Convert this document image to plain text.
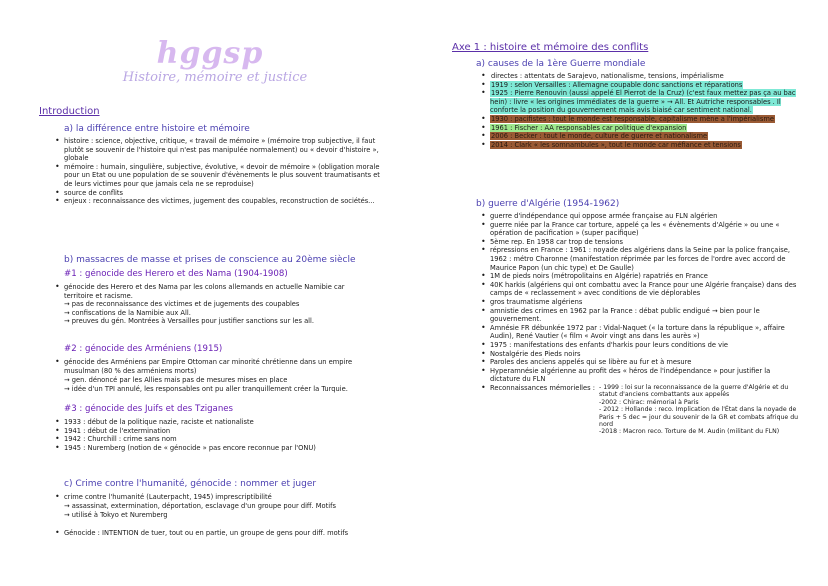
hggsp
Histoire, mémoire et justice
Introduction
a) la différence entre histoire et mémoire
• histoire : science, objective, critique, « travail de mémoire » (mémoire trop subjective, il faut plutôt se souvenir de l'histoire qui n'est pas manipulée normalement) ou « devoir d'histoire », globale
• mémoire : humain, singulière, subjective, évolutive, « devoir de mémoire » (obligation morale pour un Etat ou une population de se souvenir d'évènements le plus souvent traumatisants et de leurs victimes pour que jamais cela ne se reproduise)
• source de conflits
• enjeux : reconnaissance des victimes, jugement des coupables, reconstruction de sociétés...
b) massacres de masse et prises de conscience au 20ème siècle
#1 : génocide des Herero et des Nama (1904-1908)
• génocide des Herero et des Nama par les colons allemands en actuelle Namibie car territoire et racisme.
→ pas de reconnaissance des victimes et de jugements des coupables
→ confiscations de la Namibie aux All.
→ preuves du gén. Montrées à Versailles pour justifier sanctions sur les all.
#2 : génocide des Arméniens (1915)
• génocide des Arméniens par Empire Ottoman car minorité chrétienne dans un empire musulman (80 % des arméniens morts)
→ gen. dénoncé par les Allies mais pas de mesures mises en place
→ idée d'un TPI annulé, les responsables ont pu aller tranquillement créer la Turquie.
#3 : génocide des Juifs et des Tziganes
• 1933 : début de la politique nazie, raciste et nationaliste
• 1941 : début de l'extermination
• 1942 : Churchill : crime sans nom
• 1945 : Nuremberg (notion de « génocide » pas encore reconnue par l'ONU)
c) Crime contre l'humanité, génocide : nommer et juger
• crime contre l'humanité (Lauterpacht, 1945) imprescriptibilité
→ assassinat, extermination, déportation, esclavage d'un groupe pour diff. Motifs
→ utilisé à Tokyo et Nuremberg
• Génocide : INTENTION de tuer, tout ou en partie, un groupe de gens pour diff. motifs
Axe 1 : histoire et mémoire des conflits
a) causes de la 1ère Guerre mondiale
• directes : attentats de Sarajevo, nationalisme, tensions, impérialisme
• 1919 : selon Versailles : Allemagne coupable donc sanctions et réparations
• 1925 : Pierre Renouvin (aussi appelé El Pierrot de la Cruz) (c'est faux mettez pas ça au bac hein) : livre « les origines immédiates de la guerre » → All. Et Autriche responsables . Il conforte la position du gouvernement mais avis biaisé car sentiment national.
• 1930 : pacifistes : tout le monde est responsable, capitalisme mène a l'impérialisme
• 1961 : Fischer : AA responsables car politique d'expansion
• 2006 : Becker : tout le monde, culture de guerre et nationalisme
• 2014 : Clark « les somnambules », tout le monde car méfiance et tensions
b) guerre d'Algérie (1954-1962)
• guerre d'indépendance qui oppose armée française au FLN algérien
• guerre niée par la France car torture, appelé ça les « évènements d'Algérie » ou une « opération de pacification » (super pacifique)
• 5ème rep. En 1958 car trop de tensions
• répressions en France : 1961 : noyade des algériens dans la Seine par la police française, 1962 : métro Charonne (manifestation réprimée par les forces de l'ordre avec accord de Maurice Papon (un chic type) et De Gaulle)
• 1M de pieds noirs (métropolitains en Algérie) rapatriés en France
• 40K harkis (algériens qui ont combattu avec la France pour une Algérie française) dans des camps de « reclassement » avec conditions de vie déplorables
• gros traumatisme algériens
• amnistie des crimes en 1962 par la France : débat public endigué → bien pour le gouvernement.
• Amnésie FR débunkée 1972 par : Vidal-Naquet (« la torture dans la république », affaire Audin), René Vautier (« film « Avoir vingt ans dans les aurès »)
• 1975 : manifestations des enfants d'harkis pour leurs conditions de vie
• Nostalgérie des Pieds noirs
• Paroles des anciens appelés qui se libère au fur et à mesure
• Hyperamnésie algérienne au profit des « héros de l'indépendance » pour justifier la dictature du FLN
• Reconnaissances mémorielles : - 1999 : loi sur la reconnaissance de la guerre d'Algérie et du statut d'anciens combattants aux appelés
-2002 : Chirac: mémorial à Paris
- 2012 : Hollande : reco. Implication de l'État dans la noyade de Paris + 5 dec = jour du souvenir de la GR et combats afrique du nord
-2018 : Macron reco. Torture de M. Audin (militant du FLN)
